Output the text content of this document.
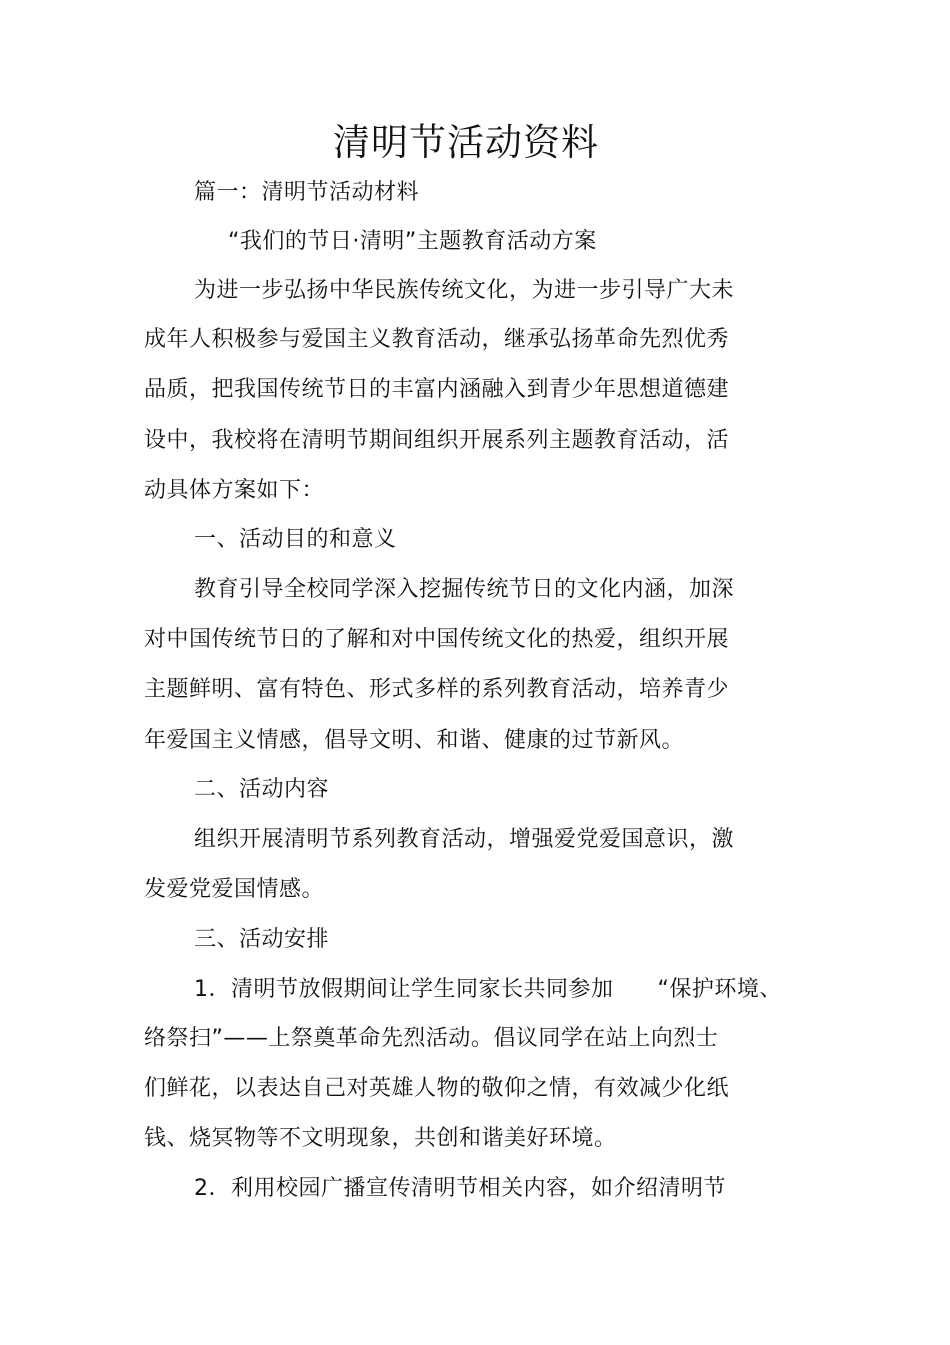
清明节活动资料
篇一：清明节活动材料
“我们的节日·清明”主题教育活动方案
为进一步弘扬中华民族传统文化，为进一步引导广大未
成年人积极参与爱国主义教育活动，继承弘扬革命先烈优秀
品质，把我国传统节日的丰富内涵融入到青少年思想道德建
设中，我校将在清明节期间组织开展系列主题教育活动，活
动具体方案如下：
一、活动目的和意义
教育引导全校同学深入挖掘传统节日的文化内涵，加深
对中国传统节日的了解和对中国传统文化的热爱，组织开展
主题鲜明、富有特色、形式多样的系列教育活动，培养青少
年爱国主义情感，倡导文明、和谐、健康的过节新风。
二、活动内容
组织开展清明节系列教育活动，增强爱党爱国意识，激
发爱党爱国情感。
三、活动安排
1．清明节放假期间让学生同家长共同参加 “保护环境、
络祭扫”——上祭奠革命先烈活动。倡议同学在站上向烈士
们鲜花，以表达自己对英雄人物的敬仰之情，有效减少化纸
钱、烧冥物等不文明现象，共创和谐美好环境。
2．利用校园广播宣传清明节相关内容，如介绍清明节
